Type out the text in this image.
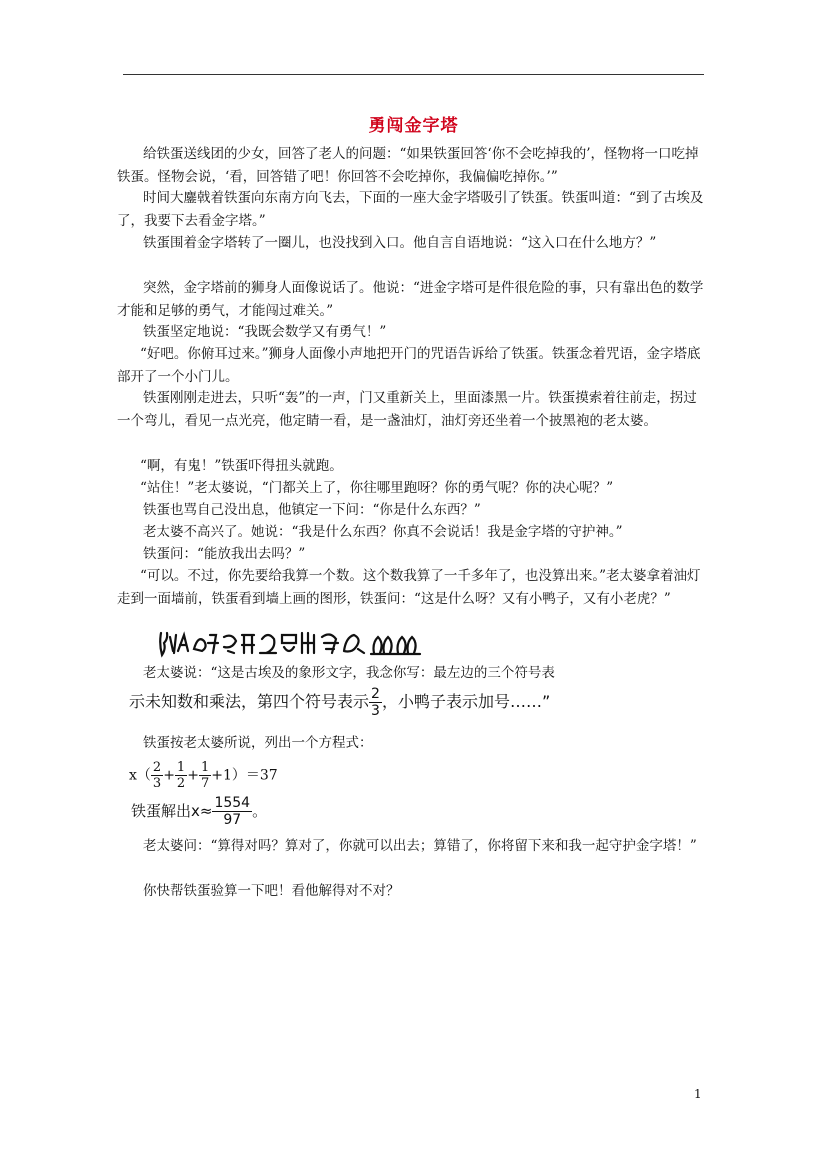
勇闯金字塔

给铁蛋送线团的少女，回答了老人的问题：“如果铁蛋回答‘你不会吃掉我的’，怪物将一口吃掉铁蛋。怪物会说，‘看，回答错了吧！你回答不会吃掉你，我偏偏吃掉你。’”

时间大鏖戟着铁蛋向东南方向飞去，下面的一座大金字塔吸引了铁蛋。铁蛋叫道：“到了古埃及了，我要下去看金字塔。”

铁蛋围着金字塔转了一圈儿，也没找到入口。他自言自语地说：“这入口在什么地方？”

突然，金字塔前的狮身人面像说话了。他说：“进金字塔可是件很危险的事，只有靠出色的数学才能和足够的勇气，才能闯过难关。”

铁蛋坚定地说：“我既会数学又有勇气！”

“好吧。你俯耳过来。”狮身人面像小声地把开门的咒语告诉给了铁蛋。铁蛋念着咒语，金字塔底部开了一个小门儿。

铁蛋刚刚走进去，只听“轰”的一声，门又重新关上，里面漆黑一片。铁蛋摸索着往前走，拐过一个弯儿，看见一点光亮，他定睛一看，是一盏油灯，油灯旁还坐着一个披黑袍的老太婆。

“啊，有鬼！”铁蛋吓得扭头就跑。

“站住！”老太婆说，“门都关上了，你往哪里跑呀？你的勇气呢？你的决心呢？”

铁蛋也骂自己没出息，他镇定一下问：“你是什么东西？”

老太婆不高兴了。她说：“我是什么东西？你真不会说话！我是金字塔的守护神。”

铁蛋问：“能放我出去吗？”

“可以。不过，你先要给我算一个数。这个数我算了一千多年了，也没算出来。”老太婆拿着油灯走到一面墙前，铁蛋看到墙上画的图形，铁蛋问：“这是什么呀？又有小鸭子，又有小老虎？”

老太婆说：“这是古埃及的象形文字，我念你写：最左边的三个符号表

示未知数和乘法，第四个符号表示 $\frac{2}{3}$ ，小鸭子表示加号……”

铁蛋按老太婆所说，列出一个方程式：

$x( \frac{2}{3} + \frac{1}{2} + \frac{1}{7} +1)=37$
铁蛋解出$x\approx \frac{1554}{97}$ 。

老太婆问：“算得对吗？算对了，你就可以出去；算错了，你将留下来和我一起守护金字塔！”

你快帮铁蛋验算一下吧！看他解得对不对？

1
